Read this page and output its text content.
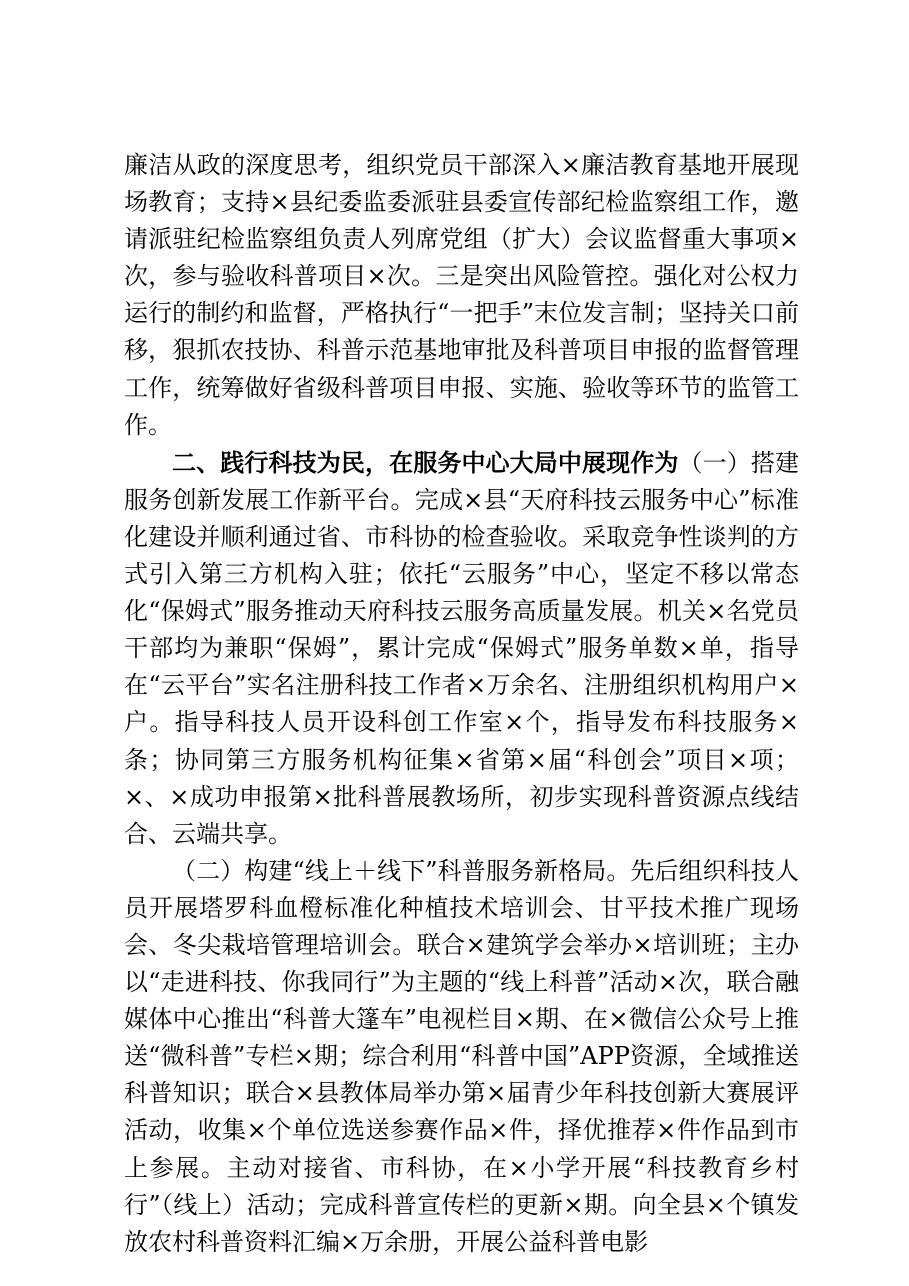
廉洁从政的深度思考，组织党员干部深入×廉洁教育基地开展现场教育；支持×县纪委监委派驻县委宣传部纪检监察组工作，邀请派驻纪检监察组负责人列席党组（扩大）会议监督重大事项×次，参与验收科普项目×次。三是突出风险管控。强化对公权力运行的制约和监督，严格执行“一把手”末位发言制；坚持关口前移，狠抓农技协、科普示范基地审批及科普项目申报的监督管理工作，统筹做好省级科普项目申报、实施、验收等环节的监管工作。

二、践行科技为民，在服务中心大局中展现作为（一）搭建服务创新发展工作新平台。完成×县“天府科技云服务中心”标准化建设并顺利通过省、市科协的检查验收。采取竞争性谈判的方式引入第三方机构入驻；依托“云服务”中心，坚定不移以常态化“保姆式”服务推动天府科技云服务高质量发展。机关×名党员干部均为兼职“保姆”，累计完成“保姆式”服务单数×单，指导在“云平台”实名注册科技工作者×万余名、注册组织机构用户×户。指导科技人员开设科创工作室×个，指导发布科技服务×条；协同第三方服务机构征集×省第×届“科创会”项目×项；×、×成功申报第×批科普展教场所，初步实现科普资源点线结合、云端共享。

（二）构建“线上＋线下”科普服务新格局。先后组织科技人员开展塔罗科血橙标准化种植技术培训会、甘平技术推广现场会、冬尖栽培管理培训会。联合×建筑学会举办×培训班；主办以“走进科技、你我同行”为主题的“线上科普”活动×次，联合融媒体中心推出“科普大篷车”电视栏目×期、在×微信公众号上推送“微科普”专栏×期；综合利用“科普中国”APP资源，全域推送科普知识；联合×县教体局举办第×届青少年科技创新大赛展评活动，收集×个单位选送参赛作品×件，择优推荐×件作品到市上参展。主动对接省、市科协，在×小学开展“科技教育乡村行”（线上）活动；完成科普宣传栏的更新×期。向全县×个镇发放农村科普资料汇编×万余册，开展公益科普电影
